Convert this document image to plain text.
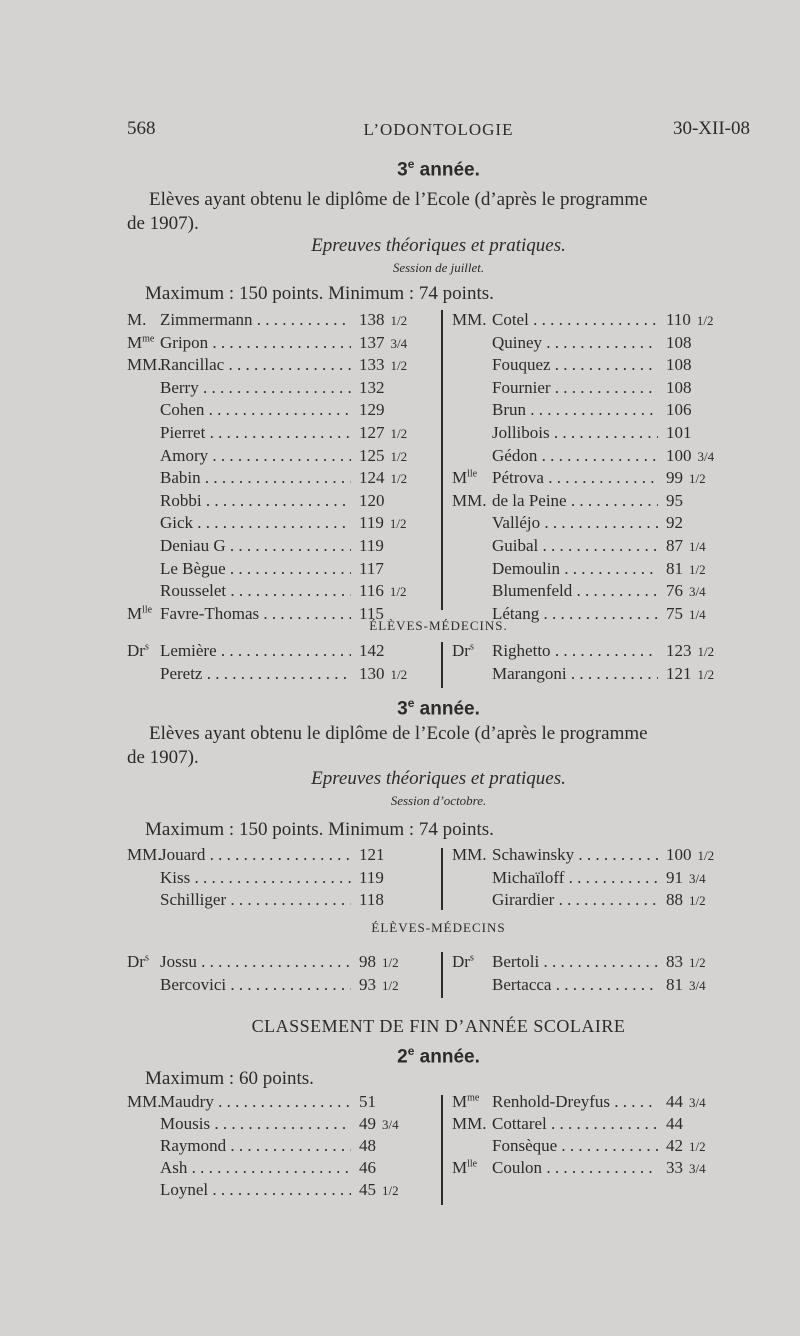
568	L’ODONTOLOGIE	30-XII-08
3e année.
Elèves ayant obtenu le diplôme de l’Ecole (d’après le programme
de 1907).
Epreuves théoriques et pratiques.
Session de juillet.
Maximum : 150 points. Minimum : 74 points.
M. Zimmermann . . .	138 1/2
$M^{me}$ Gripon . . .	137 3/4
MM.
Rancillac . . .	133 1/2
Berry . . .	132
Cohen . . .	129
Pierret . . .	127 1/2
Amory . . .	125 1/2
Babin . . .	124 1/2
Robbi . . .	120
Gick . . .	119 1/2
Deniau G . . .	119
Le Bègue . . .	117
Rousselet . . .	116 1/2
$M^{lle}$ Favre-Thomas . . .	115
MM. Cotel . . .	110 1/2
Quiney . . .	108
Fouquez . . .	108
Fournier . . .	108
Brun . . .	106
Jollibois . . .	101
Gédon . . .	100 3/4
$M^{lle}$ Pétrova . . .	99 1/2
MM. de la Peine . . .	95
Valléjo . . .	92
Guibal . . .	87 1/4
Demoulin . . .	81 1/2
Blumenfeld . . .	76 3/4
Létang . . .	75 1/4
ÉLÈVES-MÉDECINS.
Dr$^s$ Lemière . . .	142
Peretz . . .	130 1/2
Dr$^s$ Righetto . . .	123 1/2
Marangoni . . .	121 1/2
3e année.
Elèves ayant obtenu le diplôme de l’Ecole (d’après le programme
de 1907).
Epreuves théoriques et pratiques.
Session d’octobre.
Maximum : 150 points. Minimum : 74 points.
MM.
Jouard . . .	121
Kiss . . .	119
Schilliger . . .	118
MM. Schawinsky . . .	100 1/2
Michaïloff . . .	91 3/4
Girardier . . .	88 1/2
ÉLÈVES-MÉDECINS
Dr$^s$ Jossu . . .	98 1/2
Bercovici . . .	93 1/2
Dr$^s$ Bertoli . . .	83 1/2
Bertacca . . .	81 3/4
CLASSEMENT DE FIN D’ANNÉE SCOLAIRE
2e année.
Maximum : 60 points.
MM.
Maudry . . .	51
Mousis . . .	49 3/4
Raymond . . .	48
Ash . . .	46
Loynel . . .	45 1/2
$M^{me}$ Renhold-Dreyfus . . .	44 3/4
MM. Cottarel . . .	44
Fonsèque . . .	42 1/2
$M^{lle}$ Coulon . . .	33 3/4
